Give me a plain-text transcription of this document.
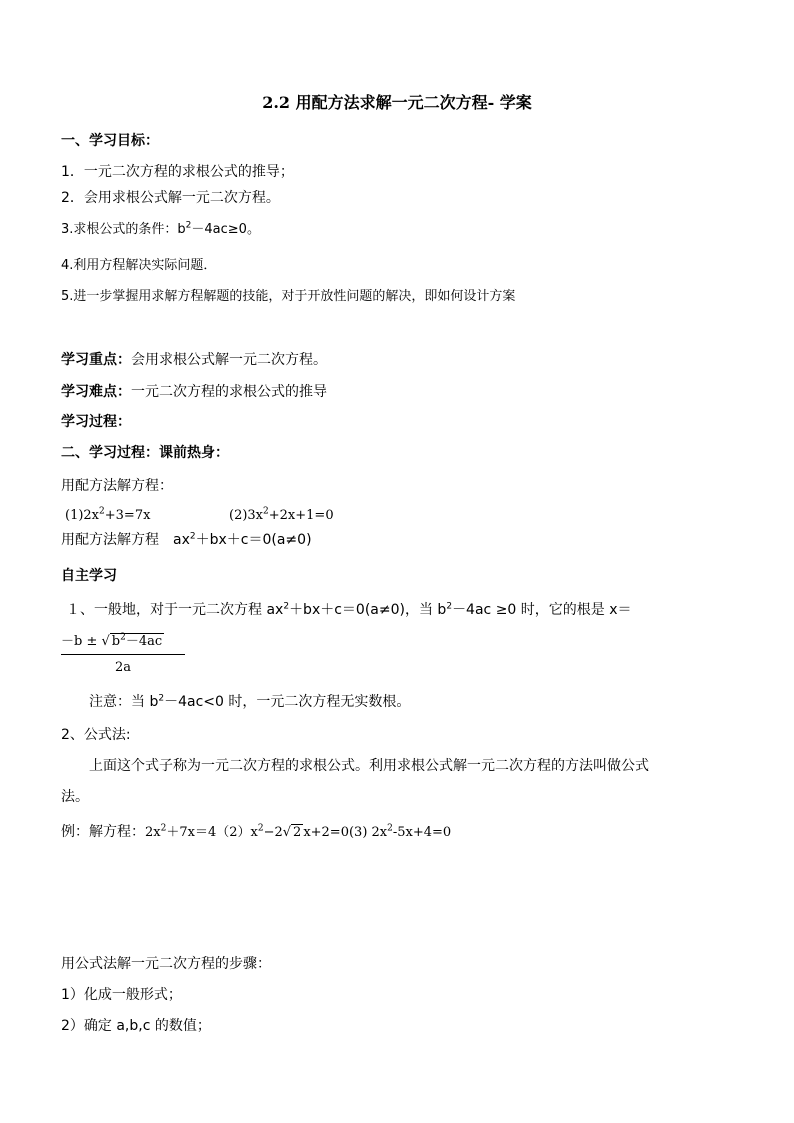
2.2 用配方法求解一元二次方程- 学案
一、学习目标：
1．一元二次方程的求根公式的推导；
2．会用求根公式解一元二次方程。
3.求根公式的条件：$b^2-4ac\ge 0$。
4.利用方程解决实际问题．
5.进一步掌握用求解方程解题的技能，对于开放性问题的解决，即如何设计方案
学习重点：会用求根公式解一元二次方程。
学习难点：一元二次方程的求根公式的推导
学习过程：
二、学习过程：课前热身：
用配方法解方程：
$(1)2x^2+3=7x$	$(2)3x^2+2x+1=0$
用配方法解方程　$ax^2+bx+c=0(a\ne 0)$
自主学习
１、一般地，对于一元二次方程 $ax^2+bx+c=0(a\ne 0)$，当 $b^2-4ac \ge 0$ 时，它的根是 x＝
－b ± √ $b^2-4ac$
2a
注意：当 $b^2-4ac<0$ 时，一元二次方程无实数根。
2、公式法:
上面这个式子称为一元二次方程的求根公式。利用求根公式解一元二次方程的方法叫做公式
法。
例：解方程：$2x^2+7x=4(2)x^2-2√$ 2 x+2=0(3) $2x^2-5x+4=0$
用公式法解一元二次方程的步骤：
1）化成一般形式；
2）确定 a,b,c 的数值；
